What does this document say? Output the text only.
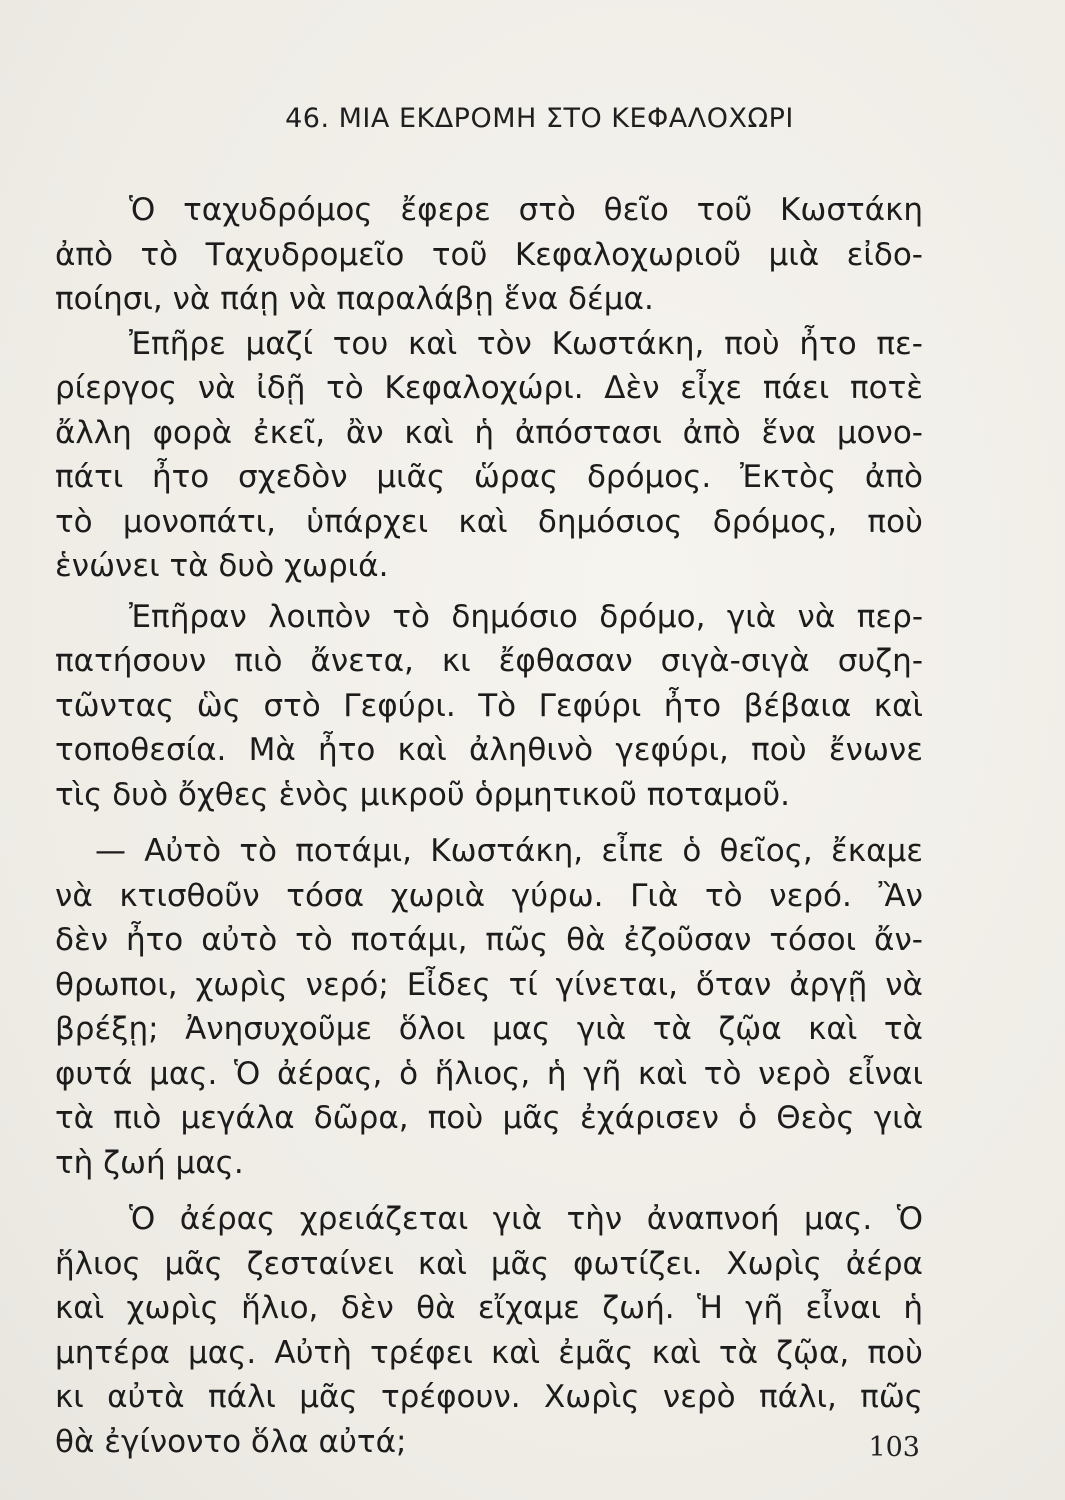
46. ΜΙΑ ΕΚΔΡΟΜΗ ΣΤΟ ΚΕΦΑΛΟΧΩΡΙ
Ὁ ταχυδρόμος ἔφερε στὸ θεῖο τοῦ Κωστάκη
ἀπὸ τὸ Ταχυδρομεῖο τοῦ Κεφαλοχωριοῦ μιὰ εἰδο-
ποίησι, νὰ πάῃ νὰ παραλάβῃ ἕνα δέμα.
Ἐπῆρε μαζί του καὶ τὸν Κωστάκη, ποὺ ἦτο πε-
ρίεργος νὰ ἰδῇ τὸ Κεφαλοχώρι. Δὲν εἶχε πάει ποτὲ
ἄλλη φορὰ ἐκεῖ, ἂν καὶ ἡ ἀπόστασι ἀπὸ ἕνα μονο-
πάτι ἦτο σχεδὸν μιᾶς ὥρας δρόμος. Ἐκτὸς ἀπὸ
τὸ μονοπάτι, ὑπάρχει καὶ δημόσιος δρόμος, ποὺ
ἑνώνει τὰ δυὸ χωριά.
Ἐπῆραν λοιπὸν τὸ δημόσιο δρόμο, γιὰ νὰ περ-
πατήσουν πιὸ ἄνετα, κι ἔφθασαν σιγὰ-σιγὰ συζη-
τῶντας ὣς στὸ Γεφύρι. Τὸ Γεφύρι ἦτο βέβαια καὶ
τοποθεσία. Μὰ ἦτο καὶ ἀληθινὸ γεφύρι, ποὺ ἔνωνε
τὶς δυὸ ὄχθες ἑνὸς μικροῦ ὁρμητικοῦ ποταμοῦ.
— Αὐτὸ τὸ ποτάμι, Κωστάκη, εἶπε ὁ θεῖος, ἔκαμε
νὰ κτισθοῦν τόσα χωριὰ γύρω. Γιὰ τὸ νερό. Ἂν
δὲν ἦτο αὐτὸ τὸ ποτάμι, πῶς θὰ ἐζοῦσαν τόσοι ἄν-
θρωποι, χωρὶς νερό; Εἶδες τί γίνεται, ὅταν ἀργῇ νὰ
βρέξῃ; Ἀνησυχοῦμε ὅλοι μας γιὰ τὰ ζῷα καὶ τὰ
φυτά μας. Ὁ ἀέρας, ὁ ἥλιος, ἡ γῆ καὶ τὸ νερὸ εἶναι
τὰ πιὸ μεγάλα δῶρα, ποὺ μᾶς ἐχάρισεν ὁ Θεὸς γιὰ
τὴ ζωή μας.
Ὁ ἀέρας χρειάζεται γιὰ τὴν ἀναπνοή μας. Ὁ
ἥλιος μᾶς ζεσταίνει καὶ μᾶς φωτίζει. Χωρὶς ἀέρα
καὶ χωρὶς ἥλιο, δὲν θὰ εἴχαμε ζωή. Ἡ γῆ εἶναι ἡ
μητέρα μας. Αὐτὴ τρέφει καὶ ἐμᾶς καὶ τὰ ζῷα, ποὺ
κι αὐτὰ πάλι μᾶς τρέφουν. Χωρὶς νερὸ πάλι, πῶς
θὰ ἐγίνοντο ὅλα αὐτά;	103
